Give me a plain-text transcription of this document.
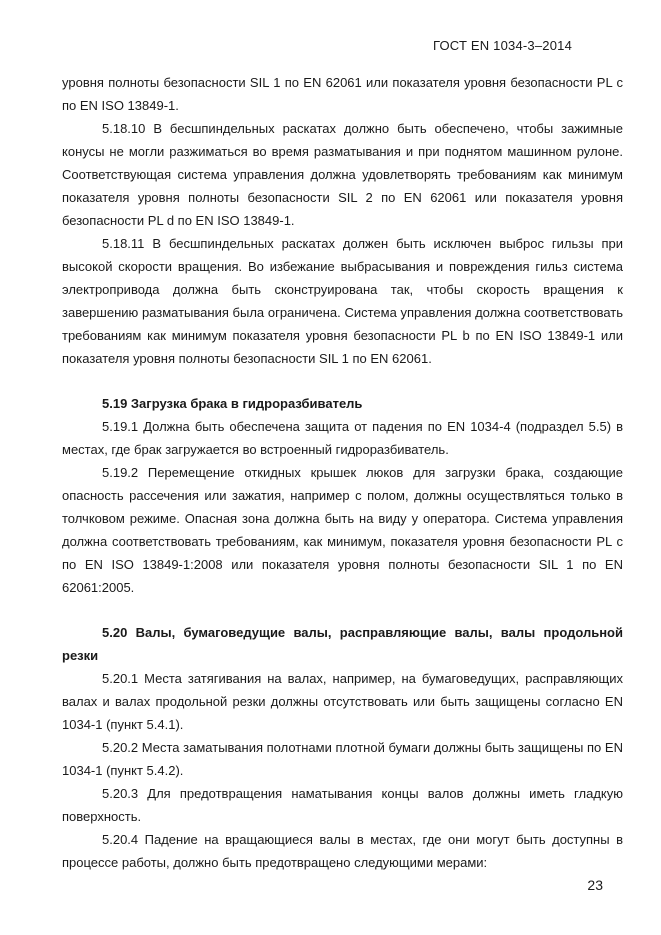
ГОСТ EN 1034-3–2014

уровня полноты безопасности SIL 1 по EN 62061 или показателя уровня безопасности PL c по EN ISO 13849-1.

5.18.10 В бесшпиндельных раскатах должно быть обеспечено, чтобы зажимные конусы не могли разжиматься во время разматывания и при поднятом машинном рулоне. Соответствующая система управления должна удовлетворять требованиям как минимум показателя уровня полноты безопасности SIL 2 по EN 62061 или показателя уровня безопасности PL d по EN ISO 13849-1.

5.18.11 В бесшпиндельных раскатах должен быть исключен выброс гильзы при высокой скорости вращения. Во избежание выбрасывания и повреждения гильз система электропривода должна быть сконструирована так, чтобы скорость вращения к завершению разматывания была ограничена. Система управления должна соответствовать требованиям как минимум показателя уровня безопасности PL b по EN ISO 13849-1 или показателя уровня полноты безопасности SIL 1 по EN 62061.

5.19 Загрузка брака в гидроразбиватель

5.19.1 Должна быть обеспечена защита от падения по EN 1034-4 (подраздел 5.5) в местах, где брак загружается во встроенный гидроразбиватель.

5.19.2 Перемещение откидных крышек люков для загрузки брака, создающие опасность рассечения или зажатия, например с полом, должны осуществляться только в толчковом режиме. Опасная зона должна быть на виду у оператора. Система управления должна соответствовать требованиям, как минимум, показателя уровня безопасности PL c по EN ISO 13849-1:2008 или показателя уровня полноты безопасности SIL 1 по EN 62061:2005.

5.20 Валы, бумаговедущие валы, расправляющие валы, валы продольной резки

5.20.1 Места затягивания на валах, например, на бумаговедущих, расправляющих валах и валах продольной резки должны отсутствовать или быть защищены согласно EN 1034-1 (пункт 5.4.1).

5.20.2 Места заматывания полотнами плотной бумаги должны быть защищены по EN 1034-1 (пункт 5.4.2).

5.20.3 Для предотвращения наматывания концы валов должны иметь гладкую поверхность.

5.20.4 Падение на вращающиеся валы в местах, где они могут быть доступны в процессе работы, должно быть предотвращено следующими мерами:

23
